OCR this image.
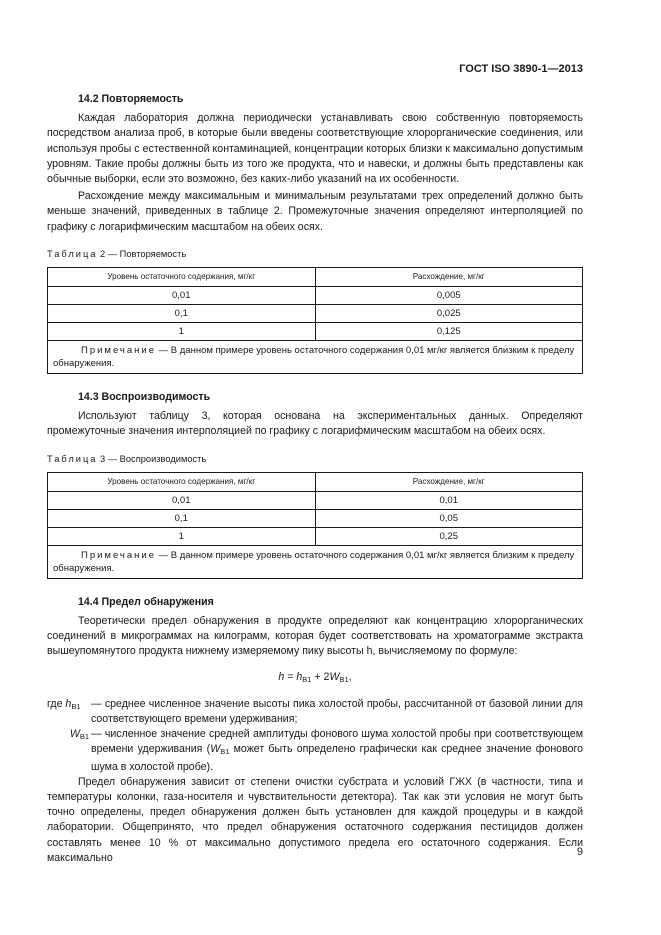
ГОСТ ISO 3890-1—2013
14.2 Повторяемость

Каждая лаборатория должна периодически устанавливать свою собственную повторяемость посредством анализа проб, в которые были введены соответствующие хлорорганические соединения, или используя пробы с естественной контаминацией, концентрации которых близки к максимально допустимым уровням. Такие пробы должны быть из того же продукта, что и навески, и должны быть представлены как обычные выборки, если это возможно, без каких-либо указаний на их особенности.

Расхождение между максимальным и минимальным результатами трех определений должно быть меньше значений, приведенных в таблице 2. Промежуточные значения определяют интерполяцией по графику с логарифмическим масштабом на обеих осях.

Таблица 2 — Повторяемость
Уровень остаточного содержания, мг/кг	Расхождение, мг/кг
0,01	0,005
0,1	0,025
1	0,125
Примечание — В данном примере уровень остаточного содержания 0,01 мг/кг является близким к пределу обнаружения.	
14.3 Воспроизводимость

Используют таблицу 3, которая основана на экспериментальных данных. Определяют промежуточные значения интерполяцией по графику с логарифмическим масштабом на обеих осях.

Таблица 3 — Воспроизводимость
Уровень остаточного содержания, мг/кг	Расхождение, мг/кг
0,01	0,01
0,1	0,05
1	0,25
Примечание — В данном примере уровень остаточного содержания 0,01 мг/кг является близким к пределу обнаружения.	
14.4 Предел обнаружения

Теоретически предел обнаружения в продукте определяют как концентрацию хлорорганических соединений в микрограммах на килограмм, которая будет соответствовать на хроматограмме экстракта вышеупомянутого продукта нижнему измеряемому пику высоты h, вычисляемому по формуле:

$h = h_{B1} + 2W_{B1}$,
где $h_{B1}$ — среднее численное значение высоты пика холостой пробы, рассчитанной от базовой линии для соответствующего времени удерживания;
$W_{B1}$ — численное значение средней амплитуды фонового шума холостой пробы при соответствующем времени удерживания ($W_{B1}$ может быть определено графически как среднее значение фонового шума в холостой пробе).

Предел обнаружения зависит от степени очистки субстрата и условий ГЖХ (в частности, типа и температуры колонки, газа-носителя и чувствительности детектора). Так как эти условия не могут быть точно определены, предел обнаружения должен быть установлен для каждой процедуры и в каждой лаборатории. Общепринято, что предел обнаружения остаточного содержания пестицидов должен составлять менее 10 % от максимально допустимого предела его остаточного содержания. Если максимально	9
